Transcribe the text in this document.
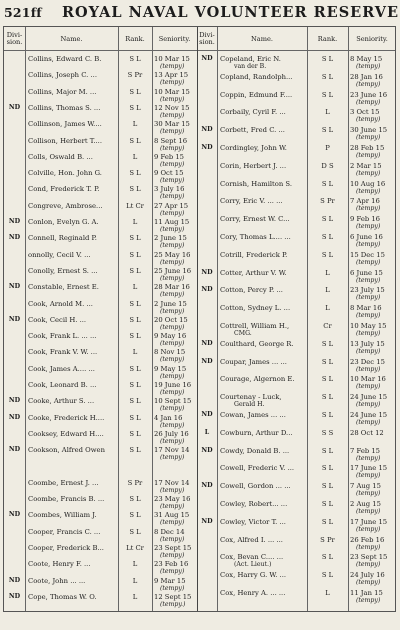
521ff ROYAL NAVAL VOLUNTEER RESERVE
Divi-
sion.	Name.	Rank.	Seniority.	Divi-
sion.	Name.	Rank.	Seniority.
Collins, Edward C. B.	S L	10 Mar 15
(tempy)
Collins, Joseph C. ...	S Pr	13 Apr 15
(tempy)
Collins, Major M. ...	S L	10 Mar 15
(tempy)
ND	Collins, Thomas S. ...	S L	12 Nov 15
(tempy)
Collinson, James W....	L	30 Mar 15
(tempy)
Collison, Herbert T....	S L	8 Sept 16
(tempy)
Colls, Oswald B. ...	L	9 Feb 15
(tempy)
Colville, Hon. John G.	S L	9 Oct 15
(tempy)
Cond, Frederick T. P.	S L	3 July 16
(tempy)
Congreve, Ambrose...	Lt Cr	27 Apr 15
(tempy)
ND	Conlon, Evelyn G. A.	L	11 Aug 15
(tempy)
ND	Connell, Reginald P.	S L	2 June 15
(tempy)
onnolly, Cecil V. ...	S L	25 May 16
(tempy)
Conolly, Ernest S. ...	S L	25 June 16
(tempy)
ND	Constable, Ernest E.	L	28 Mar 16
(tempy)
Cook, Arnold M. ...	S L	2 June 15
(tempy)
ND	Cook, Cecil H. ...	S L	20 Oct 15
(tempy)
Cook, Frank L. ... ...	S L	9 May 16
(tempy)
Cook, Frank V. W. ...	L	8 Nov 15
(tempy)
Cook, James A.... ...	S L	9 May 15
(tempy)
Cook, Leonard B. ...	S L	19 June 16
(tempy)
ND	Cooke, Arthur S. ...	S L	10 Sept 15
(tempy)
ND	Cooke, Frederick H....	S L	4 Jan 16
(tempy)
Cooksey, Edward H....	S L	26 July 16
(tempy)
ND	Cookson, Alfred Owen	S L	17 Nov 14
(tempy)
Coombe, Ernest J. ...	S Pr	17 Nov 14
(tempy)
Coombe, Francis B. ...	S L	23 May 16
(tempy)
ND	Coombes, William J.	S L	31 Aug 15
(tempy)
Cooper, Francis C. ...	S L	8 Dec 14
(tempy)
Cooper, Frederick B...	Lt Cr	23 Sept 15
(tempy)
Coote, Henry F. ...	L	23 Feb 16
(tempy)
ND	Coote, John ... ...	L	9 Mar 15
(tempy)
ND	Cope, Thomas W. O.	L	12 Sept 15
(tempy.)
ND	Copeland, Eric N.
van der B.
S L	8 May 15
(tempy)
Copland, Randolph...	S L	28 Jan 16
(tempy)
Coppin, Edmund F....	S L	23 June 16
(tempy)
Corbaily, Cyril F. ...	L	3 Oct 15
(tempy)
ND	Corbett, Fred C. ...	S L	30 June 15
(tempy)
ND	Cordingley, John W.	P	28 Feb 15
(tempy)
Corin, Herbert J. ...	D S	2 Mar 15
(tempy)
Cornish, Hamilton S.	S L	10 Aug 16
(tempy)
Corry, Eric V. ... ...	S Pr	7 Apr 16
(tempy)
Corry, Ernest W. C...	S L	9 Feb 16
(tempy)
Cory, Thomas L.... ...	S L	6 June 16
(tempy)
Cotrill, Frederick P.	S L	15 Dec 15
(tempy)
ND	Cotter, Arthur V. W.	L	6 June 15
(tempy)
ND	Cotton, Percy P. ...	L	23 July 15
(tempy)
Cotton, Sydney L. ...	L	8 Mar 16
(tempy)
Cottrell, William H.,
CMG.
Cr	10 May 15
(tempy)
ND	Coulthard, George R.	S L	13 July 15
(tempy)
ND	Coupar, James ... ...	S L	23 Dec 15
(tempy)
Courage, Algernon E.	S L	10 Mar 16
(tempy)
Courtenay - Luck,
Gerald H.
S L	24 June 15
(tempy)
ND	Cowan, James ... ...	S L	24 June 15
(tempy)
L	Cowburn, Arthur D...	S S	28 Oct 12
ND	Cowdy, Donald B. ...	S L	7 Feb 15
(tempy)
Cowell, Frederic V. ...	S L	17 June 15
(tempy)
ND	Cowell, Gordon ... ...	S L	7 Aug 15
(tempy)
Cowley, Robert... ...	S L	2 Aug 15
(tempy)
ND	Cowley, Victor T. ...	S L	17 June 15
(tempy)
Cox, Alfred I. ... ...	S Pr	26 Feb 16
(tempy)
Cox, Bevan C.... ...
(Act. Lieut.)
S L	23 Sept 15
(tempy)
Cox, Harry G. W. ...	S L	24 July 16
(tempy)
Cox, Henry A. ... ...	L	11 Jan 15
(tempy)
